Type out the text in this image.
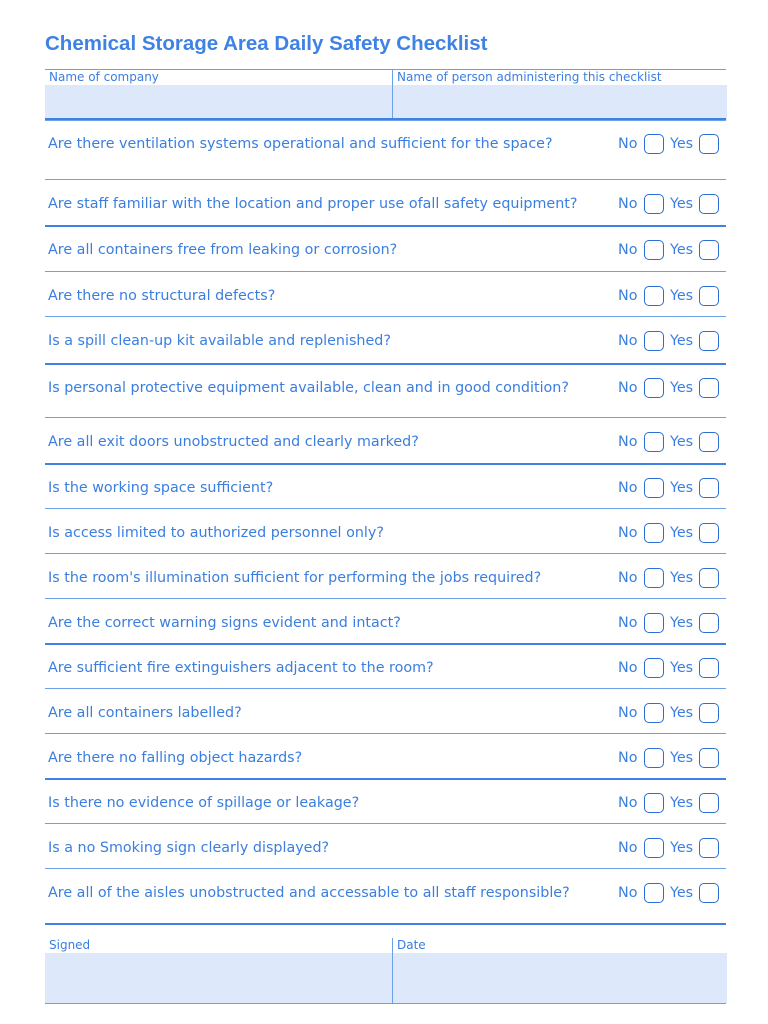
Chemical Storage Area Daily Safety Checklist
Name of company	Name of person administering this checklist
Are there ventilation systems operational and sufficient for the space?	No Yes
Are staff familiar with the location and proper use ofall safety equipment?	No Yes
Are all containers free from leaking or corrosion?	No Yes
Are there no structural defects?	No Yes
Is a spill clean-up kit available and replenished?	No Yes
Is personal protective equipment available, clean and in good condition?	No Yes
Are all exit doors unobstructed and clearly marked?	No Yes
Is the working space sufficient?	No Yes
Is access limited to authorized personnel only?	No Yes
Is the room's illumination sufficient for performing the jobs required?	No Yes
Are the correct warning signs evident and intact?	No Yes
Are sufficient fire extinguishers adjacent to the room?	No Yes
Are all containers labelled?	No Yes
Are there no falling object hazards?	No Yes
Is there no evidence of spillage or leakage?	No Yes
Is a no Smoking sign clearly displayed?	No Yes
Are all of the aisles unobstructed and accessable to all staff responsible?	No Yes
Signed	Date
